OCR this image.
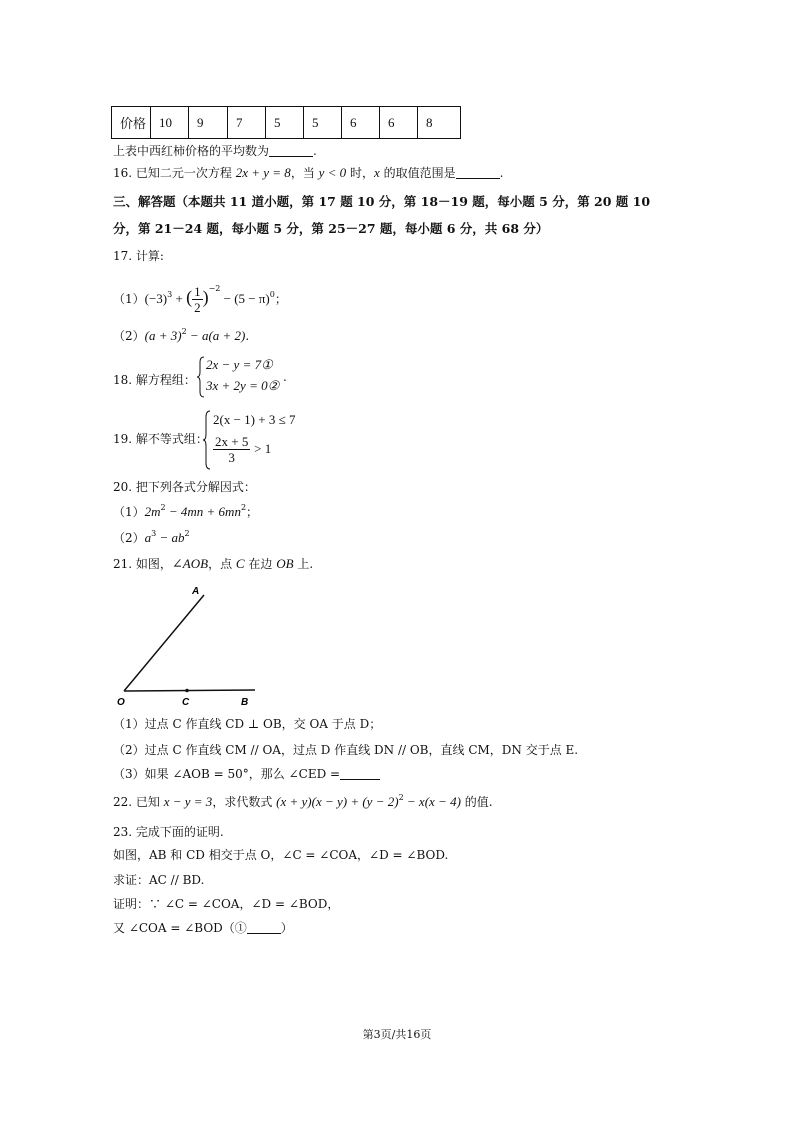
价格	10	9	7	5	5	6	6	8
上表中西红柿价格的平均数为	.
16. 已知二元一次方程 2x + y = 8，当 y < 0 时，x 的取值范围是	.
三、解答题（本题共 11 道小题，第 17 题 10 分，第 18－19 题，每小题 5 分，第 20 题 10
分，第 21－24 题，每小题 5 分，第 25－27 题，每小题 6 分，共 68 分）
17. 计算:
$(1)(-3)^3$ + ( $\frac{1}{2} )^{-2} - (5 - \pi)^0$；
$(2)(a + 3)^2 - a(a + 2)$.
18. 解方程组：
2x − y = 7①
3x + 2y = 0②
.
19. 解不等式组：
2(x − 1) + 3 ≤ 7
$\frac{2x + 5}{3} > 1$
20. 把下列各式分解因式：
$(1)2m^2 - 4mn + 6mn^2$；
$(2)a^3 - ab^2$
21. 如图，∠AOB，点 C 在边 OB 上.
A
O	C	B
（1）过点 C 作直线 CD ⊥ OB，交 OA 于点 D；
（2）过点 C 作直线 CM // OA，过点 D 作直线 DN // OB，直线 CM，DN 交于点 E.
（3）如果 ∠AOB = 50°，那么 ∠CED =
22. 已知 x − y = 3，求代数式 $(x + y)(x - y) + (y - 2)^2 - x(x - 4)$ 的值.
23. 完成下面的证明.
如图，AB 和 CD 相交于点 O，∠C = ∠COA，∠D = ∠BOD.
求证：AC // BD.
证明：∵ ∠C = ∠COA，∠D = ∠BOD，
又 ∠COA = ∠BOD（①	）
第3页/共16页
